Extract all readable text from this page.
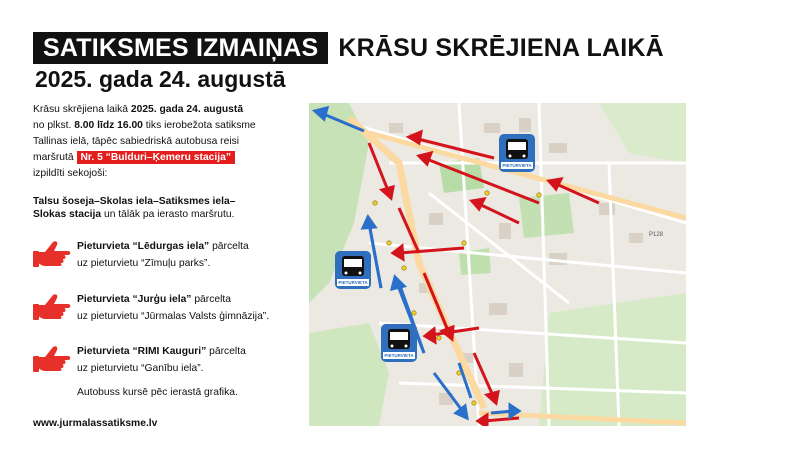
SATIKSMES IZMAIŅAS KRĀSU SKRĒJIENA LAIKĀ
2025. gada 24. augustā
Krāsu skrējiena laikā 2025. gada 24. augustā
no plkst. 8.00 līdz 16.00 tiks ierobežota satiksme
Tallinas ielā, tāpēc sabiedriskā autobusa reisi
maršrutā Nr. 5 “Bulduri–Ķemeru stacija”
izpildīti sekojoši:
Talsu šoseja–Skolas iela–Satiksmes iela–
Slokas stacija un tālāk pa ierasto maršrutu.
Pieturvieta “Lēdurgas iela” pārcelta
uz pieturvietu “Zīmuļu parks”.
Pieturvieta “Jurģu iela” pārcelta
uz pieturvietu “Jūrmalas Valsts ģimnāzija”.
Pieturvieta “RIMI Kauguri” pārcelta
uz pieturvietu “Ganību iela”.
Autobuss kursē pēc ierastā grafika.
www.jurmalassatiksme.lv
P128
PIETURVIETA
PIETURVIETA
PIETURVIETA
